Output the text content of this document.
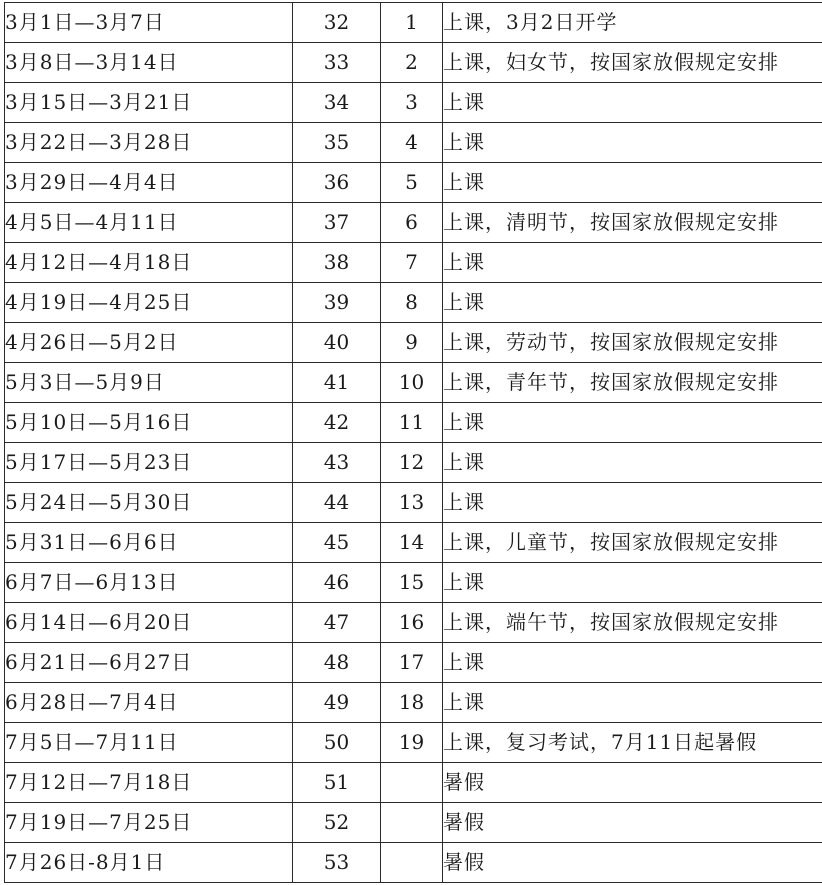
3月1日—3月7日	32	1	上课，3月2日开学
3月8日—3月14日	33	2	上课，妇女节，按国家放假规定安排
3月15日—3月21日	34	3	上课
3月22日—3月28日	35	4	上课
3月29日—4月4日	36	5	上课
4月5日—4月11日	37	6	上课，清明节，按国家放假规定安排
4月12日—4月18日	38	7	上课
4月19日—4月25日	39	8	上课
4月26日—5月2日	40	9	上课，劳动节，按国家放假规定安排
5月3日—5月9日	41	10	上课，青年节，按国家放假规定安排
5月10日—5月16日	42	11	上课
5月17日—5月23日	43	12	上课
5月24日—5月30日	44	13	上课
5月31日—6月6日	45	14	上课，儿童节，按国家放假规定安排
6月7日—6月13日	46	15	上课
6月14日—6月20日	47	16	上课，端午节，按国家放假规定安排
6月21日—6月27日	48	17	上课
6月28日—7月4日	49	18	上课
7月5日—7月11日	50	19	上课，复习考试，7月11日起暑假
7月12日—7月18日	51		暑假
7月19日—7月25日	52		暑假
7月26日-8月1日	53		暑假
